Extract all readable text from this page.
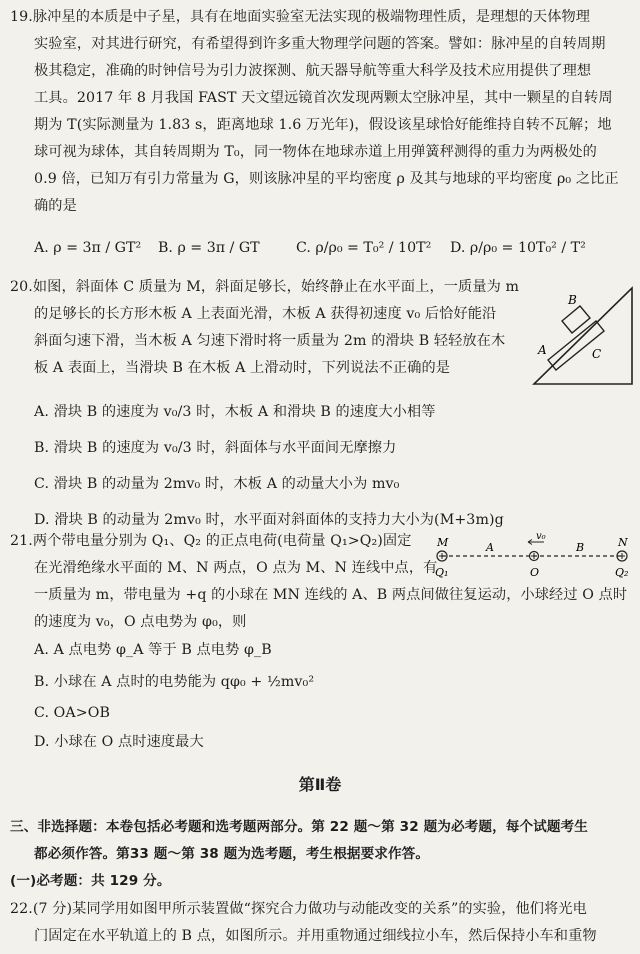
19.脉冲星的本质是中子星，具有在地面实验室无法实现的极端物理性质，是理想的天体物理

实验室，对其进行研究，有希望得到许多重大物理学问题的答案。譬如：脉冲星的自转周期

极其稳定，准确的时钟信号为引力波探测、航天器导航等重大科学及技术应用提供了理想

工具。2017 年 8 月我国 FAST 天文望远镜首次发现两颗太空脉冲星，其中一颗星的自转周

期为 T(实际测量为 1.83 s，距离地球 1.6 万光年)，假设该星球恰好能维持自转不瓦解；地

球可视为球体，其自转周期为 T₀，同一物体在地球赤道上用弹簧秤测得的重力为两极处的

0.9 倍，已知万有引力常量为 G，则该脉冲星的平均密度 ρ 及其与地球的平均密度 ρ₀ 之比正

确的是

A. ρ = 3π / GT² B. ρ = 3π / GT	C. ρ/ρ₀ = T₀² / 10T² D. ρ/ρ₀ = 10T₀² / T²

20.如图，斜面体 C 质量为 M，斜面足够长，始终静止在水平面上，一质量为 m

的足够长的长方形木板 A 上表面光滑，木板 A 获得初速度 v₀ 后恰好能沿

斜面匀速下滑，当木板 A 匀速下滑时将一质量为 2m 的滑块 B 轻轻放在木

板 A 表面上，当滑块 B 在木板 A 上滑动时，下列说法不正确的是

B
A	C

A. 滑块 B 的速度为 v₀/3 时，木板 A 和滑块 B 的速度大小相等

B. 滑块 B 的速度为 v₀/3 时，斜面体与水平面间无摩擦力

C. 滑块 B 的动量为 2mv₀ 时，木板 A 的动量大小为 mv₀

D. 滑块 B 的动量为 2mv₀ 时，水平面对斜面体的支持力大小为(M+3m)g

21.两个带电量分别为 Q₁、Q₂ 的正点电荷(电荷量 Q₁>Q₂)固定

在光滑绝缘水平面的 M、N 两点，O 点为 M、N 连线中点，有

一质量为 m，带电量为 +q 的小球在 MN 连线的 A、B 两点间做往复运动，小球经过 O 点时

的速度为 v₀，O 点电势为 φ₀，则

M
Q₁
A
v₀
O
B	N
Q₂

A. A 点电势 φ_A 等于 B 点电势 φ_B

B. 小球在 A 点时的电势能为 qφ₀ + ½mv₀²

C. OA>OB

D. 小球在 O 点时速度最大

第Ⅱ卷

三、非选择题：本卷包括必考题和选考题两部分。第 22 题～第 32 题为必考题，每个试题考生

都必须作答。第33 题～第 38 题为选考题，考生根据要求作答。

(一)必考题：共 129 分。

22.(7 分)某同学用如图甲所示装置做“探究合力做功与动能改变的关系”的实验，他们将光电

门固定在水平轨道上的 B 点，如图所示。并用重物通过细线拉小车，然后保持小车和重物
